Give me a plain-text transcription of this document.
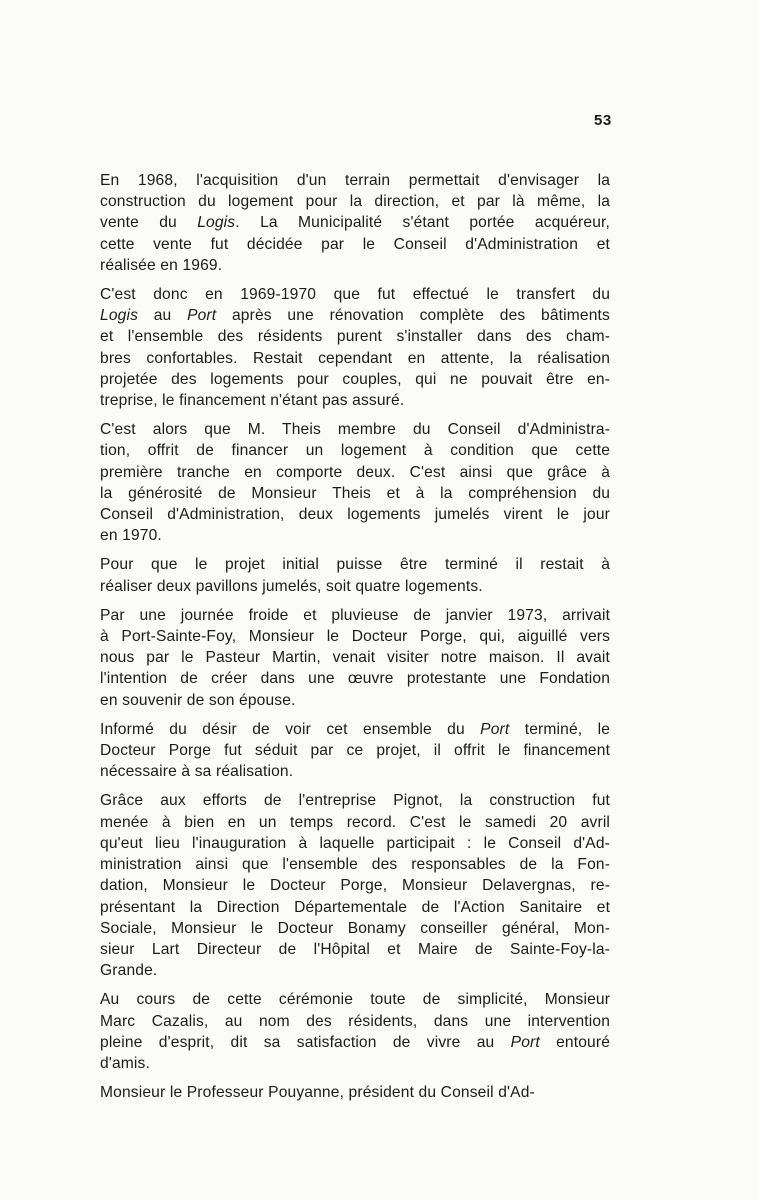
53
En 1968, l'acquisition d'un terrain permettait d'envisager la
construction du logement pour la direction, et par là même, la
vente du Logis. La Municipalité s'étant portée acquéreur,
cette vente fut décidée par le Conseil d'Administration et
réalisée en 1969.
C'est donc en 1969-1970 que fut effectué le transfert du
Logis au Port après une rénovation complète des bâtiments
et l'ensemble des résidents purent s'installer dans des cham-
bres confortables. Restait cependant en attente, la réalisation
projetée des logements pour couples, qui ne pouvait être en-
treprise, le financement n'étant pas assuré.
C'est alors que M. Theis membre du Conseil d'Administra-
tion, offrit de financer un logement à condition que cette
première tranche en comporte deux. C'est ainsi que grâce à
la générosité de Monsieur Theis et à la compréhension du
Conseil d'Administration, deux logements jumelés virent le jour
en 1970.
Pour que le projet initial puisse être terminé il restait à
réaliser deux pavillons jumelés, soit quatre logements.
Par une journée froide et pluvieuse de janvier 1973, arrivait
à Port-Sainte-Foy, Monsieur le Docteur Porge, qui, aiguillé vers
nous par le Pasteur Martin, venait visiter notre maison. Il avait
l'intention de créer dans une œuvre protestante une Fondation
en souvenir de son épouse.
Informé du désir de voir cet ensemble du Port terminé, le
Docteur Porge fut séduit par ce projet, il offrit le financement
nécessaire à sa réalisation.
Grâce aux efforts de l'entreprise Pignot, la construction fut
menée à bien en un temps record. C'est le samedi 20 avril
qu'eut lieu l'inauguration à laquelle participait : le Conseil d'Ad-
ministration ainsi que l'ensemble des responsables de la Fon-
dation, Monsieur le Docteur Porge, Monsieur Delavergnas, re-
présentant la Direction Départementale de l'Action Sanitaire et
Sociale, Monsieur le Docteur Bonamy conseiller général, Mon-
sieur Lart Directeur de l'Hôpital et Maire de Sainte-Foy-la-
Grande.
Au cours de cette cérémonie toute de simplicité, Monsieur
Marc Cazalis, au nom des résidents, dans une intervention
pleine d'esprit, dit sa satisfaction de vivre au Port entouré
d'amis.
Monsieur le Professeur Pouyanne, président du Conseil d'Ad-
